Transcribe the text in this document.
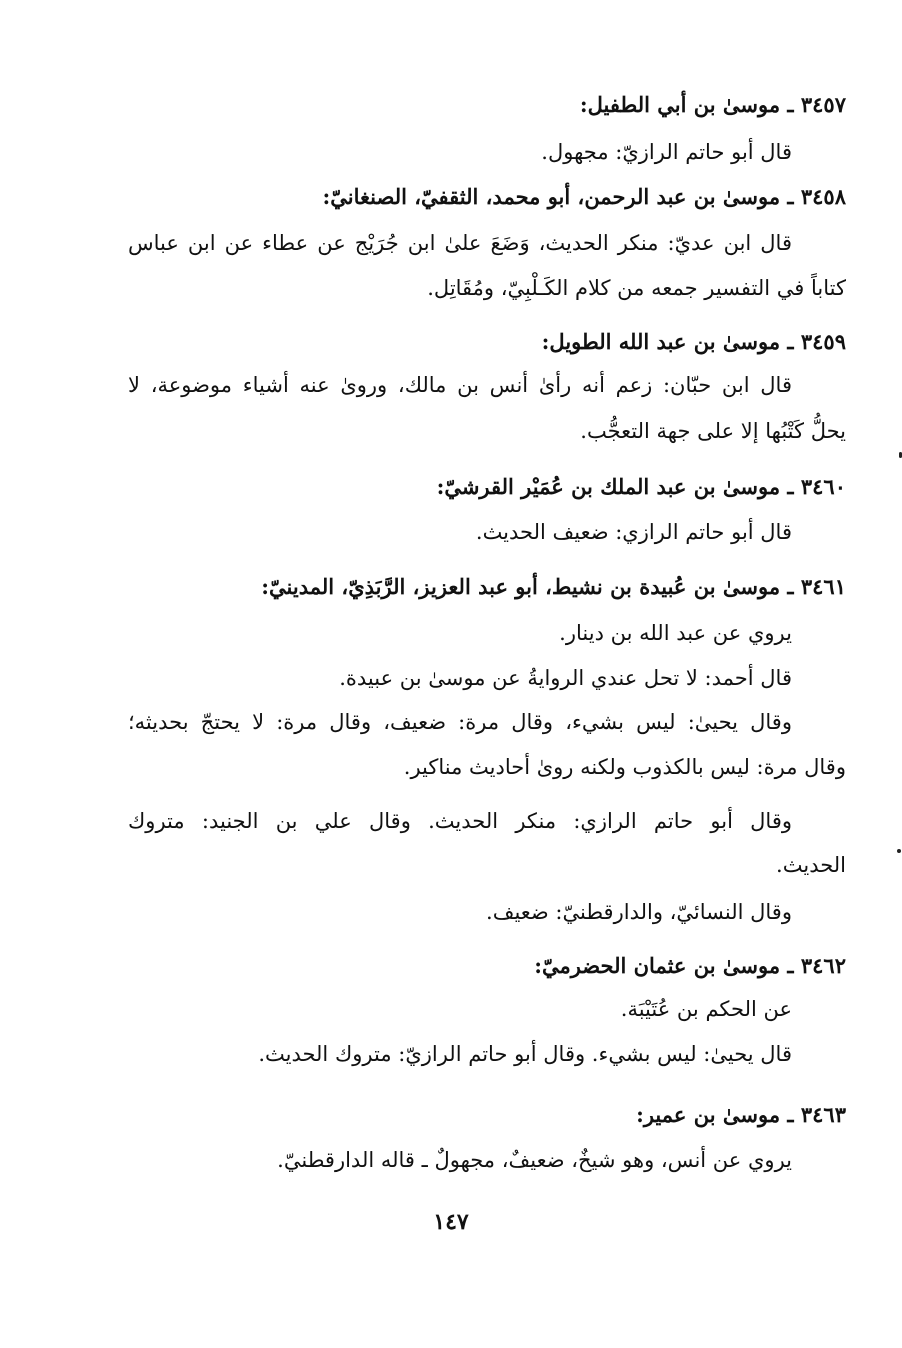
٣٤٥٧ ـ موسىٰ بن أبي الطفيل:
قال أبو حاتم الرازيّ: مجهول.
٣٤٥٨ ـ موسىٰ بن عبد الرحمن، أبو محمد، الثقفيّ، الصنغانيّ:
قال ابن عديّ: منكر الحديث، وَضَعَ علىٰ ابن جُرَيْج عن عطاء عن ابن عباس
كتاباً في التفسير جمعه من كلام الكَـلْبِيّ، ومُقَاتِل.
٣٤٥٩ ـ موسىٰ بن عبد الله الطويل:
قال ابن حبّان: زعم أنه رأىٰ أنس بن مالك، ورویٰ عنه أشياء موضوعة، لا
يحلُّ كَتْبُها إلا على جهة التعجُّب.
٣٤٦٠ ـ موسىٰ بن عبد الملك بن عُمَيْر القرشيّ:
قال أبو حاتم الرازي: ضعيف الحديث.
٣٤٦١ ـ موسىٰ بن عُبيدة بن نشيط، أبو عبد العزيز، الرَّبَذِيّ، المدينيّ:
يروي عن عبد الله بن دينار.
قال أحمد: لا تحل عندي الروايةُ عن موسىٰ بن عبيدة.
وقال يحيىٰ: ليس بشيء، وقال مرة: ضعيف، وقال مرة: لا يحتجّ بحديثه؛
وقال مرة: ليس بالكذوب ولكنه رویٰ أحاديث مناكير.
وقال أبو حاتم الرازي: منكر الحديث. وقال علي بن الجنيد: متروك
الحديث.
وقال النسائيّ، والدارقطنيّ: ضعيف.
٣٤٦٢ ـ موسىٰ بن عثمان الحضرميّ:
عن الحكم بن عُتَيْبَة.
قال يحيىٰ: ليس بشيء. وقال أبو حاتم الرازيّ: متروك الحديث.
٣٤٦٣ ـ موسىٰ بن عمير:
يروي عن أنس، وهو شيخٌ، ضعيفٌ، مجهولٌ ـ قاله الدارقطنيّ.
١٤٧
